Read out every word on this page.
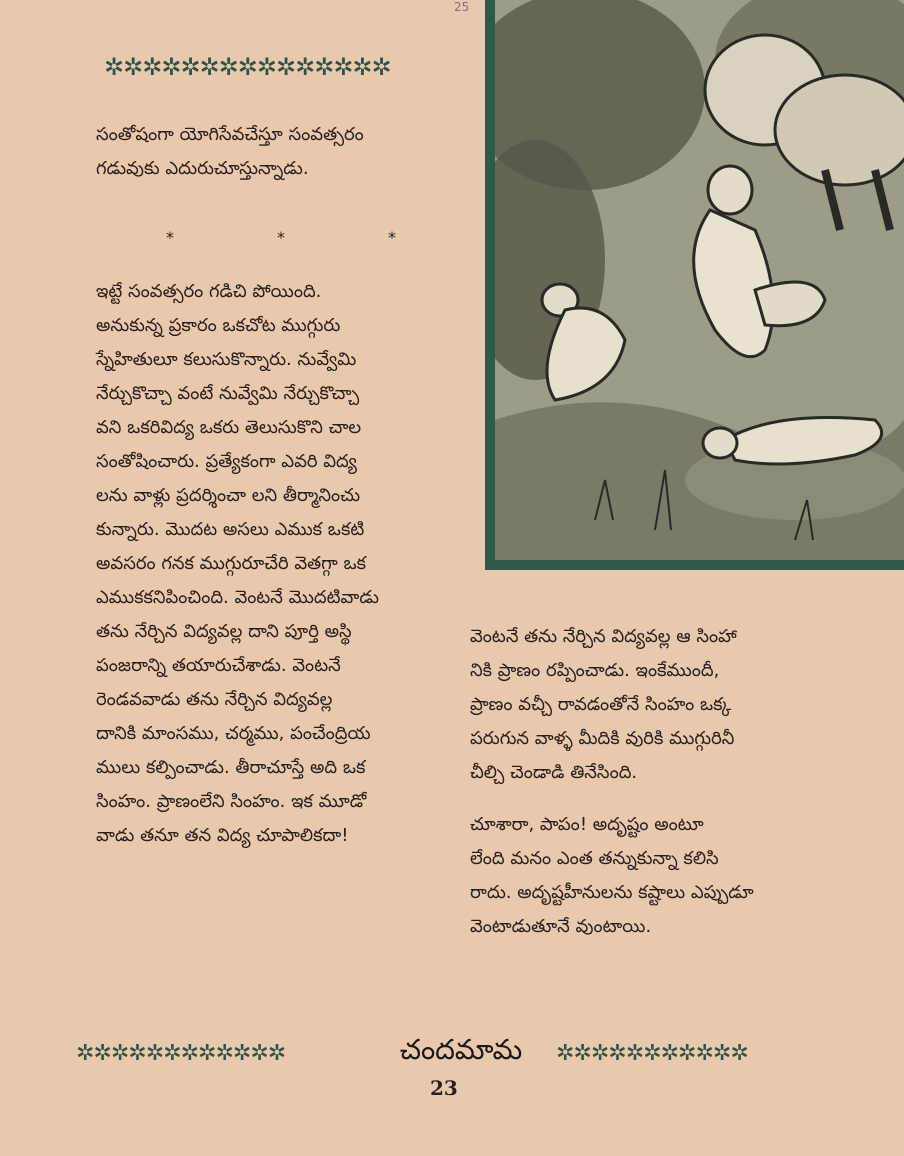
25
✲✲✲✲✲✲✲✲✲✲✲✲✲✲✲

సంతోషంగా యోగిసేవచేస్తూ సంవత్సరం
గడువుకు ఎదురుచూస్తున్నాడు.

*	*	*

ఇట్టే సంవత్సరం గడిచి పోయింది.
అనుకున్న ప్రకారం ఒకచోట ముగ్గురు
స్నేహితులూ కలుసుకొన్నారు. నువ్వేమి
నేర్చుకొచ్చా వంటే నువ్వేమి నేర్చుకొచ్చా
వని ఒకరివిద్య ఒకరు తెలుసుకొని చాల
సంతోషించారు. ప్రత్యేకంగా ఎవరి విద్య
లను వాళ్లు ప్రదర్శించా లని తీర్మానించు
కున్నారు. మొదట అసలు ఎముక ఒకటి
అవసరం గనక ముగ్గురూచేరి వెతగ్గా ఒక
ఎముకకనిపించింది. వెంటనే మొదటివాడు
తను నేర్చిన విద్యవల్ల దాని పూర్తి అస్థి
పంజరాన్ని తయారుచేశాడు. వెంటనే
రెండవవాడు తను నేర్చిన విద్యవల్ల
దానికి మాంసము, చర్మము, పంచేంద్రియ
ములు కల్పించాడు. తీరాచూస్తే అది ఒక
సింహం. ప్రాణంలేని సింహం. ఇక మూడో
వాడు తనూ తన విద్య చూపాలికదా!

వెంటనే తను నేర్చిన విద్యవల్ల ఆ సింహా
నికి ప్రాణం రప్పించాడు. ఇంకేముందీ,
ప్రాణం వచ్చీ రావడంతోనే సింహం ఒక్క
పరుగున వాళ్ళ మీదికి వురికి ముగ్గురినీ
చీల్చి చెండాడి తినేసింది.

చూశారా, పాపం! అదృష్టం అంటూ
లేంది మనం ఎంత తన్నుకున్నా కలిసి
రాదు. అదృష్టహీనులను కష్టాలు ఎప్పుడూ
వెంటాడుతూనే వుంటాయి.

✲✲✲✲✲✲✲✲✲✲✲✲	చందమామ	✲✲✲✲✲✲✲✲✲✲✲
23
